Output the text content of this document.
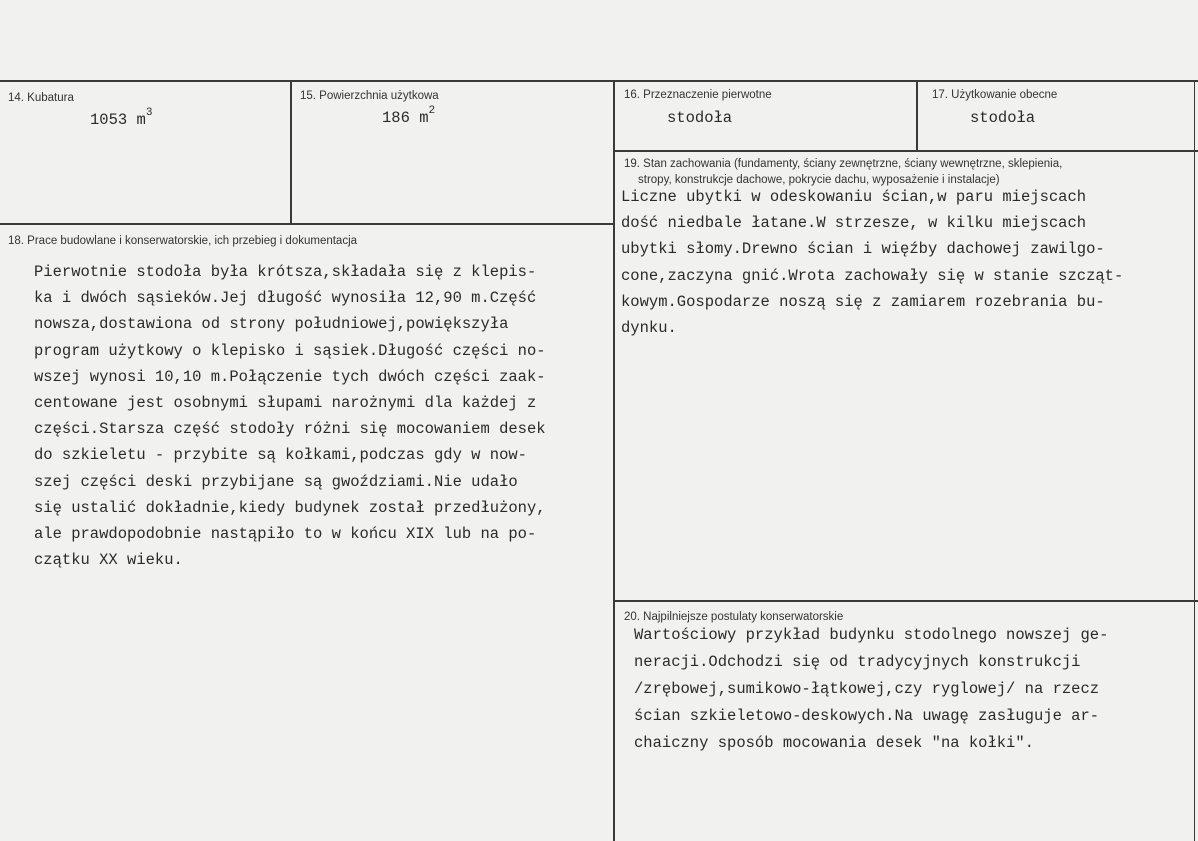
14. Kubatura
1053 $m^3$
15. Powierzchnia użytkowa
186 $m^2$
16. Przeznaczenie pierwotne
stodoła
17. Użytkowanie obecne
stodoła
19. Stan zachowania (fundamenty, ściany zewnętrzne, ściany wewnętrzne, sklepienia,
stropy, konstrukcje dachowe, pokrycie dachu, wyposażenie i instalacje)
Liczne ubytki w odeskowaniu ścian,w paru miejscach
dość niedbale łatane.W strzesze, w kilku miejscach
ubytki słomy.Drewno ścian i więźby dachowej zawilgo-
cone,zaczyna gnić.Wrota zachowały się w stanie szcząt-
kowym.Gospodarze noszą się z zamiarem rozebrania bu-
dynku.
18. Prace budowlane i konserwatorskie, ich przebieg i dokumentacja
Pierwotnie stodoła była krótsza,składała się z klepis-
ka i dwóch sąsieków.Jej długość wynosiła 12,90 m.Część
nowsza,dostawiona od strony południowej,powiększyła
program użytkowy o klepisko i sąsiek.Długość części no-
wszej wynosi 10,10 m.Połączenie tych dwóch części zaak-
centowane jest osobnymi słupami narożnymi dla każdej z
części.Starsza część stodoły różni się mocowaniem desek
do szkieletu - przybite są kołkami,podczas gdy w now-
szej części deski przybijane są gwoździami.Nie udało
się ustalić dokładnie,kiedy budynek został przedłużony,
ale prawdopodobnie nastąpiło to w końcu XIX lub na po-
czątku XX wieku.
20. Najpilniejsze postulaty konserwatorskie
Wartościowy przykład budynku stodolnego nowszej ge-
neracji.Odchodzi się od tradycyjnych konstrukcji
/zrębowej,sumikowo-łątkowej,czy ryglowej/ na rzecz
ścian szkieletowo-deskowych.Na uwagę zasługuje ar-
chaiczny sposób mocowania desek "na kołki".
